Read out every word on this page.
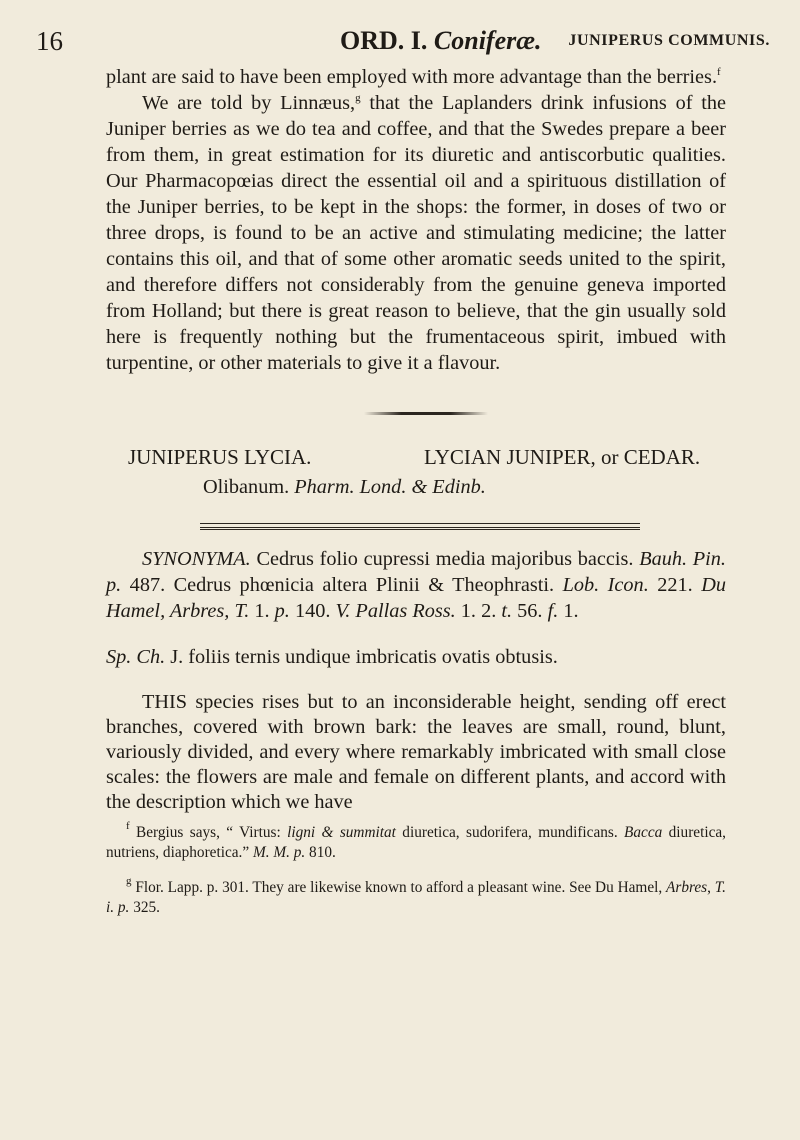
16	ORD. I. Coniferæ. JUNIPERUS COMMUNIS.

plant are said to have been employed with more advantage than the berries.$^f$

We are told by Linnæus,$^g$ that the Laplanders drink infusions of the Juniper berries as we do tea and coffee, and that the Swedes prepare a beer from them, in great estimation for its diuretic and antiscorbutic qualities. Our Pharmacopœias direct the essential oil and a spirituous distillation of the Juniper berries, to be kept in the shops: the former, in doses of two or three drops, is found to be an active and stimulating medicine; the latter contains this oil, and that of some other aromatic seeds united to the spirit, and therefore differs not considerably from the genuine geneva imported from Holland; but there is great reason to believe, that the gin usually sold here is frequently nothing but the frumentaceous spirit, imbued with turpentine, or other materials to give it a flavour.

JUNIPERUS LYCIA.	LYCIAN JUNIPER, or CEDAR.
Olibanum. Pharm. Lond. & Edinb.

SYNONYMA. Cedrus folio cupressi media majoribus baccis. Bauh. Pin. p. 487. Cedrus phœnicia altera Plinii & Theophrasti. Lob. Icon. 221. Du Hamel, Arbres, T. 1. p. 140. V. Pallas Ross. 1. 2. t. 56. f. 1.

Sp. Ch. J. foliis ternis undique imbricatis ovatis obtusis.

THIS species rises but to an inconsiderable height, sending off erect branches, covered with brown bark: the leaves are small, round, blunt, variously divided, and every where remarkably imbricated with small close scales: the flowers are male and female on different plants, and accord with the description which we have

$^f$ Bergius says, “ Virtus: ligni & summitat diuretica, sudorifera, mundificans. Bacca diuretica, nutriens, diaphoretica.” M. M. p. 810.

$^g$ Flor. Lapp. p. 301. They are likewise known to afford a pleasant wine. See Du Hamel, Arbres, T. i. p. 325.
